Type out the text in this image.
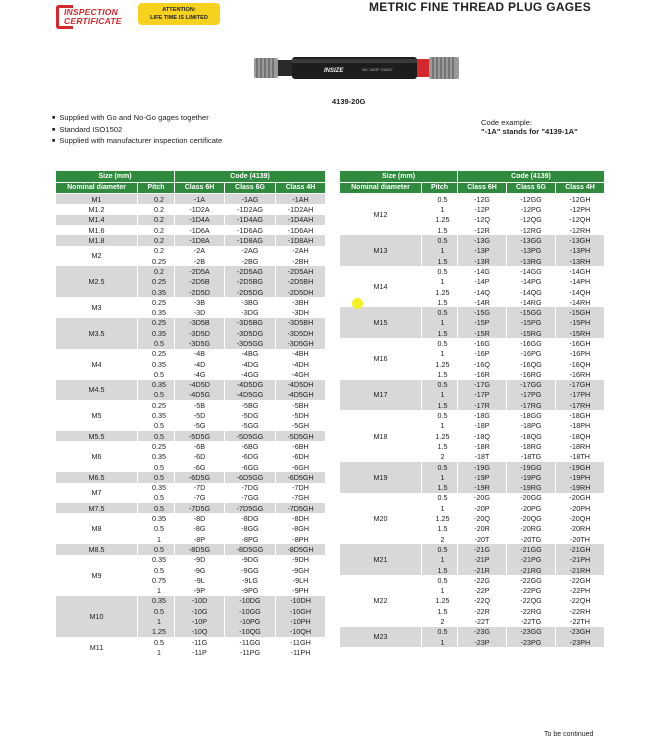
INSPECTION
CERTIFICATE
ATTENTION:
LIFE TIME IS LIMITED
METRIC FINE THREAD PLUG GAGES
INSIZE	NO. 2403F 130027
4139-20G
■ Supplied with Go and No-Go gages together
■ Standard ISO1502
■ Supplied with manufacturer inspection certificate
Code example:
"-1A" stands for "4139-1A"
Size (mm)		Code (4139)		
Nominal diameter	Pitch	Class 6H	Class 6G	Class 4H
M1	0.2	-1A	-1AG	-1AH
M1.2	0.2	-1D2A	-1D2AG	-1D2AH
M1.4	0.2	-1D4A	-1D4AG	-1D4AH
M1.6	0.2	-1D6A	-1D6AG	-1D6AH
M1.8	0.2	-1D8A	-1D8AG	-1D8AH
M2	0.2	-2A	-2AG	-2AH
	0.25	-2B	-2BG	-2BH
M2.5	0.2	-2D5A	-2D5AG	-2D5AH
	0.25	-2D5B	-2D5BG	-2D5BH
	0.35	-2D5D	-2D5DG	-2D5DH
M3	0.25	-3B	-3BG	-3BH
	0.35	-3D	-3DG	-3DH
M3.5	0.25	-3D5B	-3D5BG	-3D5BH
	0.35	-3D5D	-3D5DG	-3D5DH
	0.5	-3D5G	-3D5GG	-3D5GH
M4	0.25	-4B	-4BG	-4BH
	0.35	-4D	-4DG	-4DH
	0.5	-4G	-4GG	-4GH
M4.5	0.35	-4D5D	-4D5DG	-4D5DH
	0.5	-4D5G	-4D5GG	-4D5GH
M5	0.25	-5B	-5BG	-5BH
	0.35	-5D	-5DG	-5DH
	0.5	-5G	-5GG	-5GH
M5.5	0.5	-5D5G	-5D5GG	-5D5GH
M6	0.25	-6B	-6BG	-6BH
	0.35	-6D	-6DG	-6DH
	0.5	-6G	-6GG	-6GH
M6.5	0.5	-6D5G	-6D5GG	-6D5GH
M7	0.35	-7D	-7DG	-7DH
	0.5	-7G	-7GG	-7GH
M7.5	0.5	-7D5G	-7D5GG	-7D5GH
M8	0.35	-8D	-8DG	-8DH
	0.5	-8G	-8GG	-8GH
	1	-8P	-8PG	-8PH
M8.5	0.5	-8D5G	-8D5GG	-8D5GH
M9	0.35	-9D	-9DG	-9DH
	0.5	-9G	-9GG	-9GH
	0.75	-9L	-9LG	-9LH
	1	-9P	-9PG	-9PH
M10	0.35	-10D	-10DG	-10DH
	0.5	-10G	-10GG	-10GH
	1	-10P	-10PG	-10PH
	1.25	-10Q	-10QG	-10QH
M11	0.5	-11G	-11GG	-11GH
	1	-11P	-11PG	-11PH
Size (mm)		Code (4139)		
Nominal diameter	Pitch	Class 6H	Class 6G	Class 4H
M12	0.5	-12G	-12GG	-12GH
	1	-12P	-12PG	-12PH
	1.25	-12Q	-12QG	-12QH
	1.5	-12R	-12RG	-12RH
M13	0.5	-13G	-13GG	-13GH
	1	-13P	-13PG	-13PH
	1.5	-13R	-13RG	-13RH
M14	0.5	-14G	-14GG	-14GH
	1	-14P	-14PG	-14PH
	1.25	-14Q	-14QG	-14QH
	1.5	-14R	-14RG	-14RH
M15	0.5	-15G	-15GG	-15GH
	1	-15P	-15PG	-15PH
	1.5	-15R	-15RG	-15RH
M16	0.5	-16G	-16GG	-16GH
	1	-16P	-16PG	-16PH
	1.25	-16Q	-16QG	-16QH
	1.5	-16R	-16RG	-16RH
M17	0.5	-17G	-17GG	-17GH
	1	-17P	-17PG	-17PH
	1.5	-17R	-17RG	-17RH
M18	0.5	-18G	-18GG	-18GH
	1	-18P	-18PG	-18PH
	1.25	-18Q	-18QG	-18QH
	1.5	-18R	-18RG	-18RH
	2	-18T	-18TG	-18TH
M19	0.5	-19G	-19GG	-19GH
	1	-19P	-19PG	-19PH
	1.5	-19R	-19RG	-19RH
M20	0.5	-20G	-20GG	-20GH
	1	-20P	-20PG	-20PH
	1.25	-20Q	-20QG	-20QH
	1.5	-20R	-20RG	-20RH
	2	-20T	-20TG	-20TH
M21	0.5	-21G	-21GG	-21GH
	1	-21P	-21PG	-21PH
	1.5	-21R	-21RG	-21RH
M22	0.5	-22G	-22GG	-22GH
	1	-22P	-22PG	-22PH
	1.25	-22Q	-22QG	-22QH
	1.5	-22R	-22RG	-22RH
	2	-22T	-22TG	-22TH
M23	0.5	-23G	-23GG	-23GH
	1	-23P	-23PG	-23PH
To be continued
